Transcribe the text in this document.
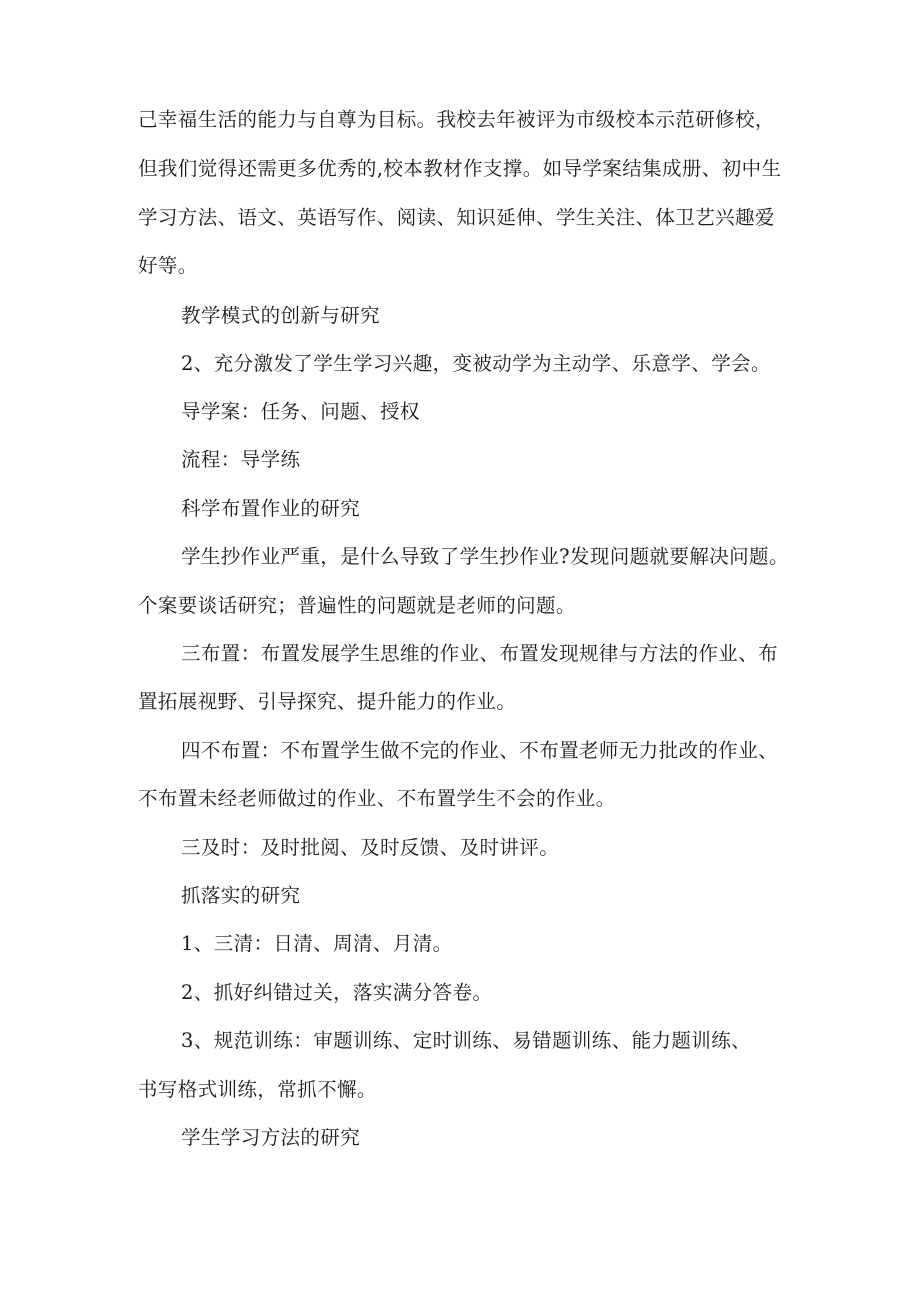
己幸福生活的能力与自尊为目标。我校去年被评为市级校本示范研修校，
但我们觉得还需更多优秀的,校本教材作支撑。如导学案结集成册、初中生
学习方法、语文、英语写作、阅读、知识延伸、学生关注、体卫艺兴趣爱
好等。
教学模式的创新与研究
2、充分激发了学生学习兴趣，变被动学为主动学、乐意学、学会。
导学案：任务、问题、授权
流程：导学练
科学布置作业的研究
学生抄作业严重，是什么导致了学生抄作业?发现问题就要解决问题。
个案要谈话研究；普遍性的问题就是老师的问题。
三布置：布置发展学生思维的作业、布置发现规律与方法的作业、布
置拓展视野、引导探究、提升能力的作业。
四不布置：不布置学生做不完的作业、不布置老师无力批改的作业、
不布置未经老师做过的作业、不布置学生不会的作业。
三及时：及时批阅、及时反馈、及时讲评。
抓落实的研究
1、三清：日清、周清、月清。
2、抓好纠错过关，落实满分答卷。
3、规范训练：审题训练、定时训练、易错题训练、能力题训练、
书写格式训练，常抓不懈。
学生学习方法的研究
